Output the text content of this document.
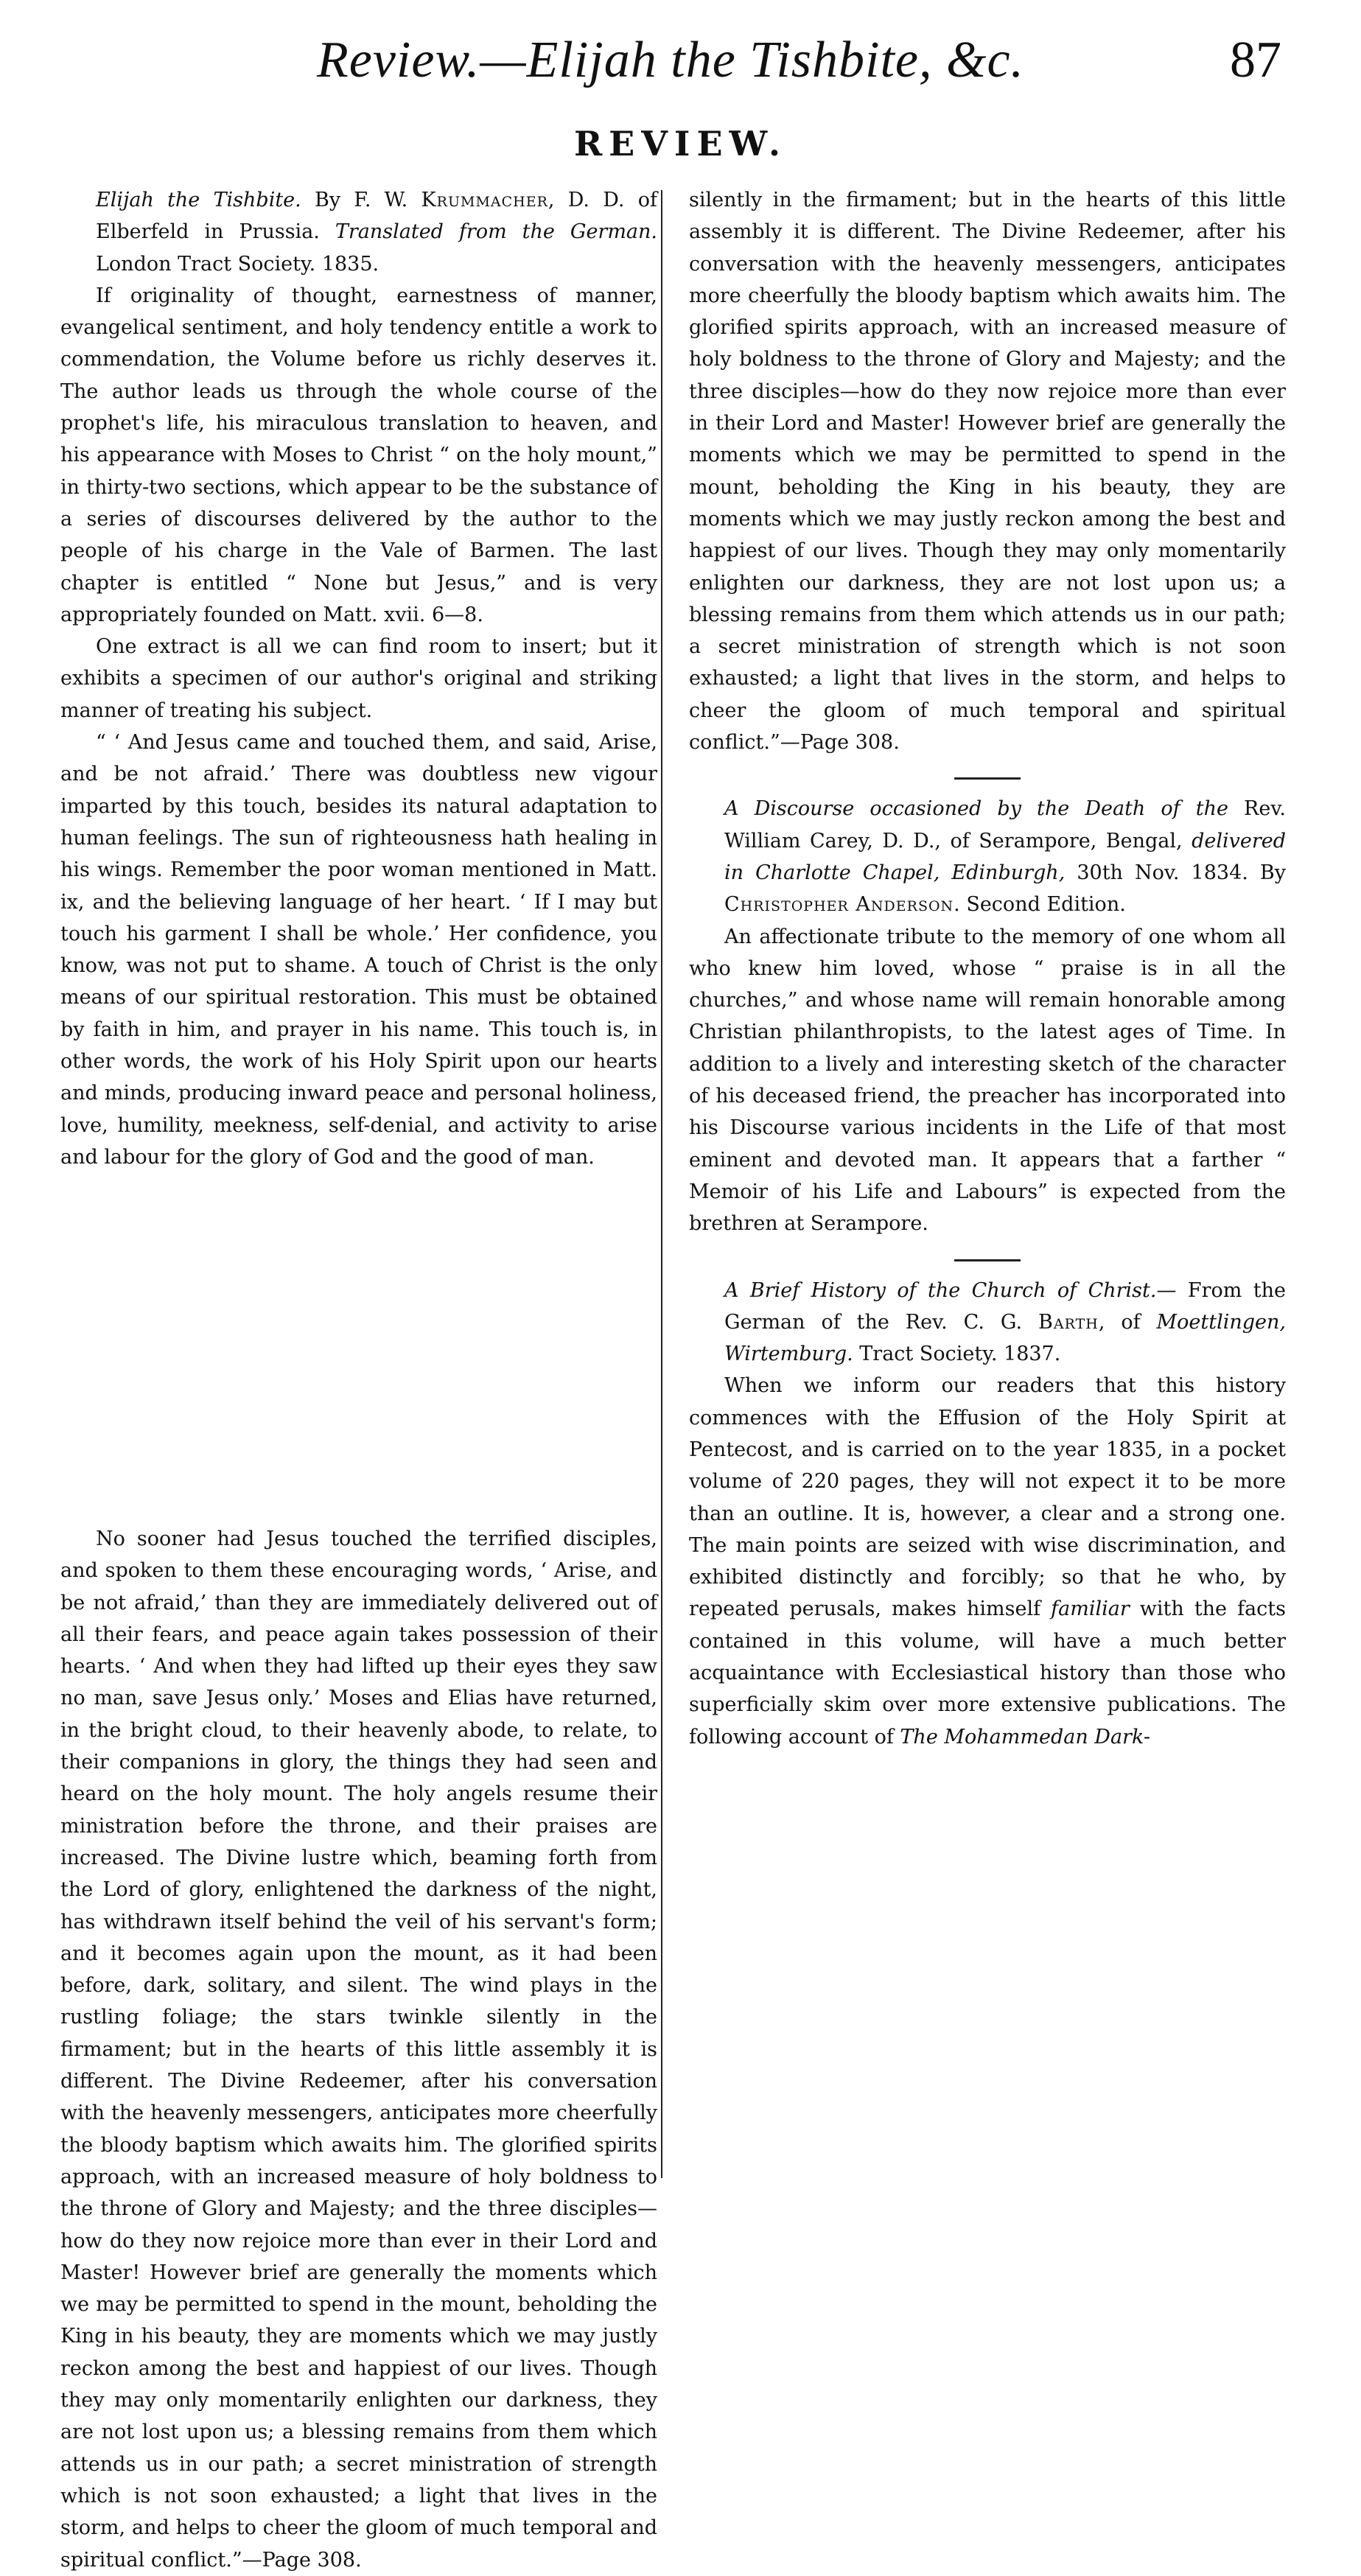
Review.—Elijah the Tishbite, &c.	87
REVIEW.

Elijah the Tishbite. By F. W. Krummacher, D. D. of Elberfeld in Prussia. Translated from the German. London Tract Society. 1835.

If originality of thought, earnestness of manner, evangelical sentiment, and holy tendency entitle a work to commendation, the Volume before us richly deserves it. The author leads us through the whole course of the prophet's life, his miraculous translation to heaven, and his appearance with Moses to Christ “ on the holy mount,” in thirty-two sections, which appear to be the substance of a series of discourses delivered by the author to the people of his charge in the Vale of Barmen. The last chapter is entitled “ None but Jesus,” and is very appropriately founded on Matt. xvii. 6—8.

One extract is all we can find room to insert; but it exhibits a specimen of our author's original and striking manner of treating his subject.

“ ‘ And Jesus came and touched them, and said, Arise, and be not afraid.’ There was doubtless new vigour imparted by this touch, besides its natural adaptation to human feelings. The sun of righteousness hath healing in his wings. Remember the poor woman mentioned in Matt. ix, and the believing language of her heart. ‘ If I may but touch his garment I shall be whole.’ Her confidence, you know, was not put to shame. A touch of Christ is the only means of our spiritual restoration. This must be obtained by faith in him, and prayer in his name. This touch is, in other words, the work of his Holy Spirit upon our hearts and minds, producing inward peace and personal holiness, love, humility, meekness, self-denial, and activity to arise and labour for the glory of God and the good of man.

No sooner had Jesus touched the terrified disciples, and spoken to them these encouraging words, ‘ Arise, and be not afraid,’ than they are immediately delivered out of all their fears, and peace again takes possession of their hearts. ‘ And when they had lifted up their eyes they saw no man, save Jesus only.’ Moses and Elias have returned, in the bright cloud, to their heavenly abode, to relate, to their companions in glory, the things they had seen and heard on the holy mount. The holy angels resume their ministration before the throne, and their praises are increased. The Divine lustre which, beaming forth from the Lord of glory, enlightened the darkness of the night, has withdrawn itself behind the veil of his servant's form; and it becomes again upon the mount, as it had been before, dark, solitary, and silent. The wind plays in the rustling foliage; the stars twinkle silently in the firmament; but in the hearts of this little assembly it is different. The Divine Redeemer, after his conversation with the heavenly messengers, anticipates more cheerfully the bloody baptism which awaits him. The glorified spirits approach, with an increased measure of holy boldness to the throne of Glory and Majesty; and the three disciples—how do they now rejoice more than ever in their Lord and Master! However brief are generally the moments which we may be permitted to spend in the mount, beholding the King in his beauty, they are moments which we may justly reckon among the best and happiest of our lives. Though they may only momentarily enlighten our darkness, they are not lost upon us; a blessing remains from them which attends us in our path; a secret ministration of strength which is not soon exhausted; a light that lives in the storm, and helps to cheer the gloom of much temporal and spiritual conflict.”—Page 308.

silently in the firmament; but in the hearts of this little assembly it is different. The Divine Redeemer, after his conversation with the heavenly messengers, anticipates more cheerfully the bloody baptism which awaits him. The glorified spirits approach, with an increased measure of holy boldness to the throne of Glory and Majesty; and the three disciples—how do they now rejoice more than ever in their Lord and Master! However brief are generally the moments which we may be permitted to spend in the mount, beholding the King in his beauty, they are moments which we may justly reckon among the best and happiest of our lives. Though they may only momentarily enlighten our darkness, they are not lost upon us; a blessing remains from them which attends us in our path; a secret ministration of strength which is not soon exhausted; a light that lives in the storm, and helps to cheer the gloom of much temporal and spiritual conflict.”—Page 308.

A Discourse occasioned by the Death of the Rev. William Carey, D. D., of Serampore, Bengal, delivered in Charlotte Chapel, Edinburgh, 30th Nov. 1834. By Christopher Anderson. Second Edition.

An affectionate tribute to the memory of one whom all who knew him loved, whose “ praise is in all the churches,” and whose name will remain honorable among Christian philanthropists, to the latest ages of Time. In addition to a lively and interesting sketch of the character of his deceased friend, the preacher has incorporated into his Discourse various incidents in the Life of that most eminent and devoted man. It appears that a farther “ Memoir of his Life and Labours” is expected from the brethren at Serampore.

A Brief History of the Church of Christ.— From the German of the Rev. C. G. Barth, of Moettlingen, Wirtemburg. Tract Society. 1837.

When we inform our readers that this history commences with the Effusion of the Holy Spirit at Pentecost, and is carried on to the year 1835, in a pocket volume of 220 pages, they will not expect it to be more than an outline. It is, however, a clear and a strong one. The main points are seized with wise discrimination, and exhibited distinctly and forcibly; so that he who, by repeated perusals, makes himself familiar with the facts contained in this volume, will have a much better acquaintance with Ecclesiastical history than those who superficially skim over more extensive publications. The following account of The Mohammedan Dark-
